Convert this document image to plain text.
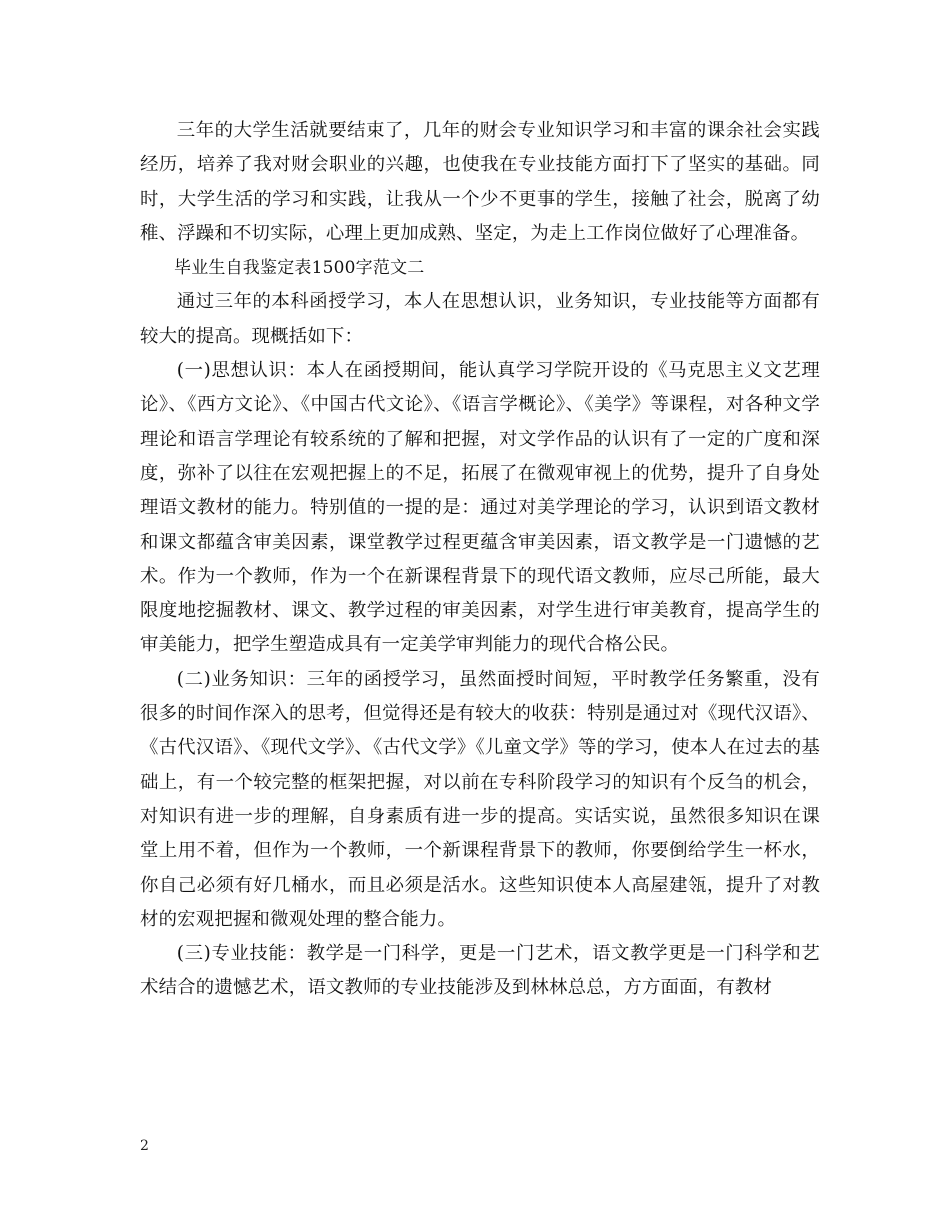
三年的大学生活就要结束了，几年的财会专业知识学习和丰富的课余社会实践经历，培养了我对财会职业的兴趣，也使我在专业技能方面打下了坚实的基础。同时，大学生活的学习和实践，让我从一个少不更事的学生，接触了社会，脱离了幼稚、浮躁和不切实际，心理上更加成熟、坚定，为走上工作岗位做好了心理准备。

毕业生自我鉴定表1500字范文二

通过三年的本科函授学习，本人在思想认识，业务知识，专业技能等方面都有较大的提高。现概括如下：

(一)思想认识：本人在函授期间，能认真学习学院开设的《马克思主义文艺理论》、《西方文论》、《中国古代文论》、《语言学概论》、《美学》等课程，对各种文学理论和语言学理论有较系统的了解和把握，对文学作品的认识有了一定的广度和深度，弥补了以往在宏观把握上的不足，拓展了在微观审视上的优势，提升了自身处理语文教材的能力。特别值的一提的是：通过对美学理论的学习，认识到语文教材和课文都蕴含审美因素，课堂教学过程更蕴含审美因素，语文教学是一门遗憾的艺术。作为一个教师，作为一个在新课程背景下的现代语文教师，应尽己所能，最大限度地挖掘教材、课文、教学过程的审美因素，对学生进行审美教育，提高学生的审美能力，把学生塑造成具有一定美学审判能力的现代合格公民。

(二)业务知识：三年的函授学习，虽然面授时间短，平时教学任务繁重，没有很多的时间作深入的思考，但觉得还是有较大的收获：特别是通过对《现代汉语》、《古代汉语》、《现代文学》、《古代文学》《儿童文学》等的学习，使本人在过去的基础上，有一个较完整的框架把握，对以前在专科阶段学习的知识有个反刍的机会，对知识有进一步的理解，自身素质有进一步的提高。实话实说，虽然很多知识在课堂上用不着，但作为一个教师，一个新课程背景下的教师，你要倒给学生一杯水，你自己必须有好几桶水，而且必须是活水。这些知识使本人高屋建瓴，提升了对教材的宏观把握和微观处理的整合能力。

(三)专业技能：教学是一门科学，更是一门艺术，语文教学更是一门科学和艺术结合的遗憾艺术，语文教师的专业技能涉及到林林总总，方方面面，有教材

2
